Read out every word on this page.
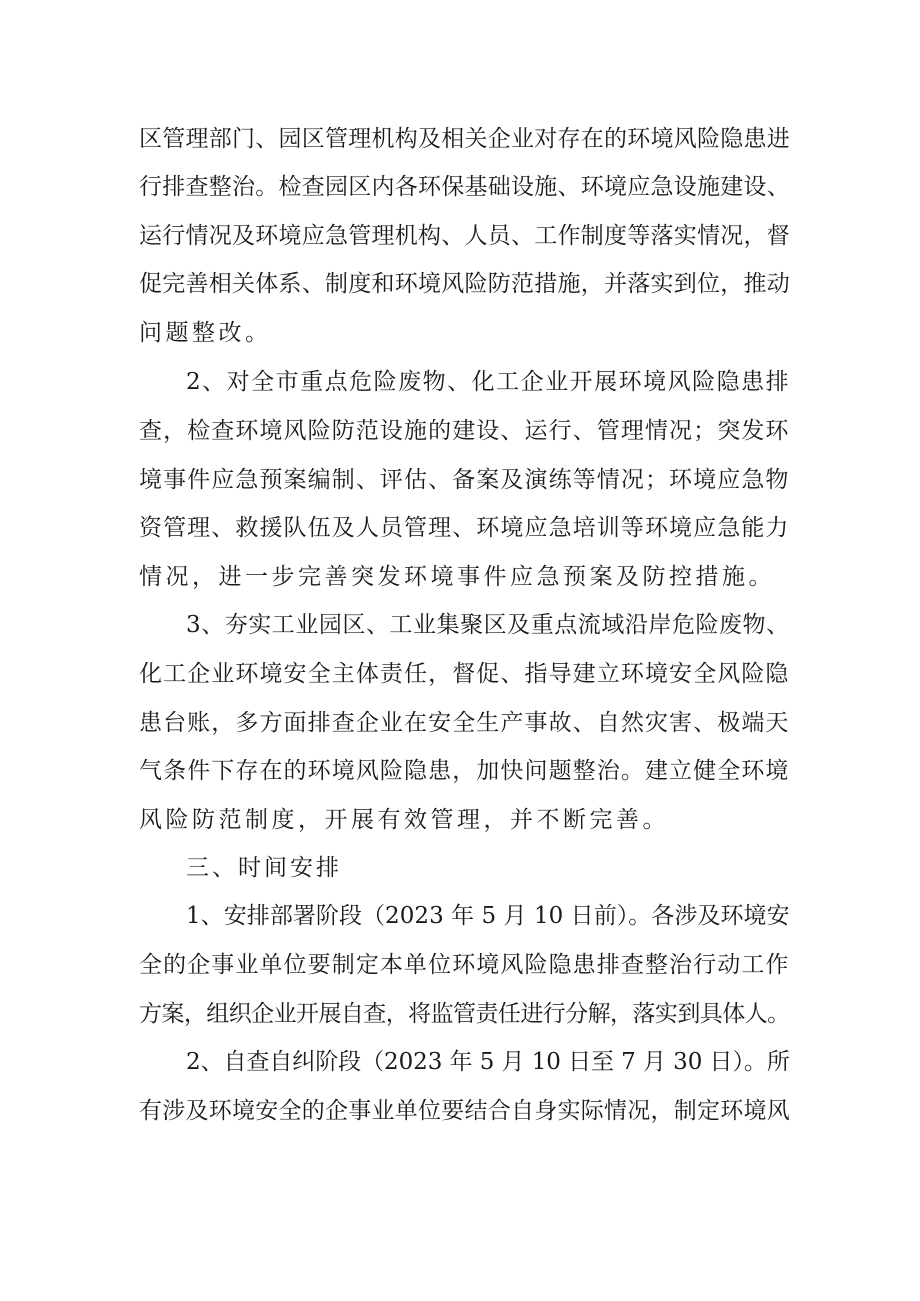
区管理部门、园区管理机构及相关企业对存在的环境风险隐患进
行排查整治。检查园区内各环保基础设施、环境应急设施建设、
运行情况及环境应急管理机构、人员、工作制度等落实情况，督
促完善相关体系、制度和环境风险防范措施，并落实到位，推动
问题整改。
2、对全市重点危险废物、化工企业开展环境风险隐患排
查，检查环境风险防范设施的建设、运行、管理情况；突发环
境事件应急预案编制、评估、备案及演练等情况；环境应急物
资管理、救援队伍及人员管理、环境应急培训等环境应急能力
情况，进一步完善突发环境事件应急预案及防控措施。
3、夯实工业园区、工业集聚区及重点流域沿岸危险废物、
化工企业环境安全主体责任，督促、指导建立环境安全风险隐
患台账，多方面排查企业在安全生产事故、自然灾害、极端天
气条件下存在的环境风险隐患，加快问题整治。建立健全环境
风险防范制度，开展有效管理，并不断完善。
三、时间安排
1、安排部署阶段（2023 年 5 月 10 日前）。各涉及环境安
全的企事业单位要制定本单位环境风险隐患排查整治行动工作
方案，组织企业开展自查，将监管责任进行分解，落实到具体人。
2、自查自纠阶段（2023 年 5 月 10 日至 7 月 30 日）。所
有涉及环境安全的企事业单位要结合自身实际情况，制定环境风
